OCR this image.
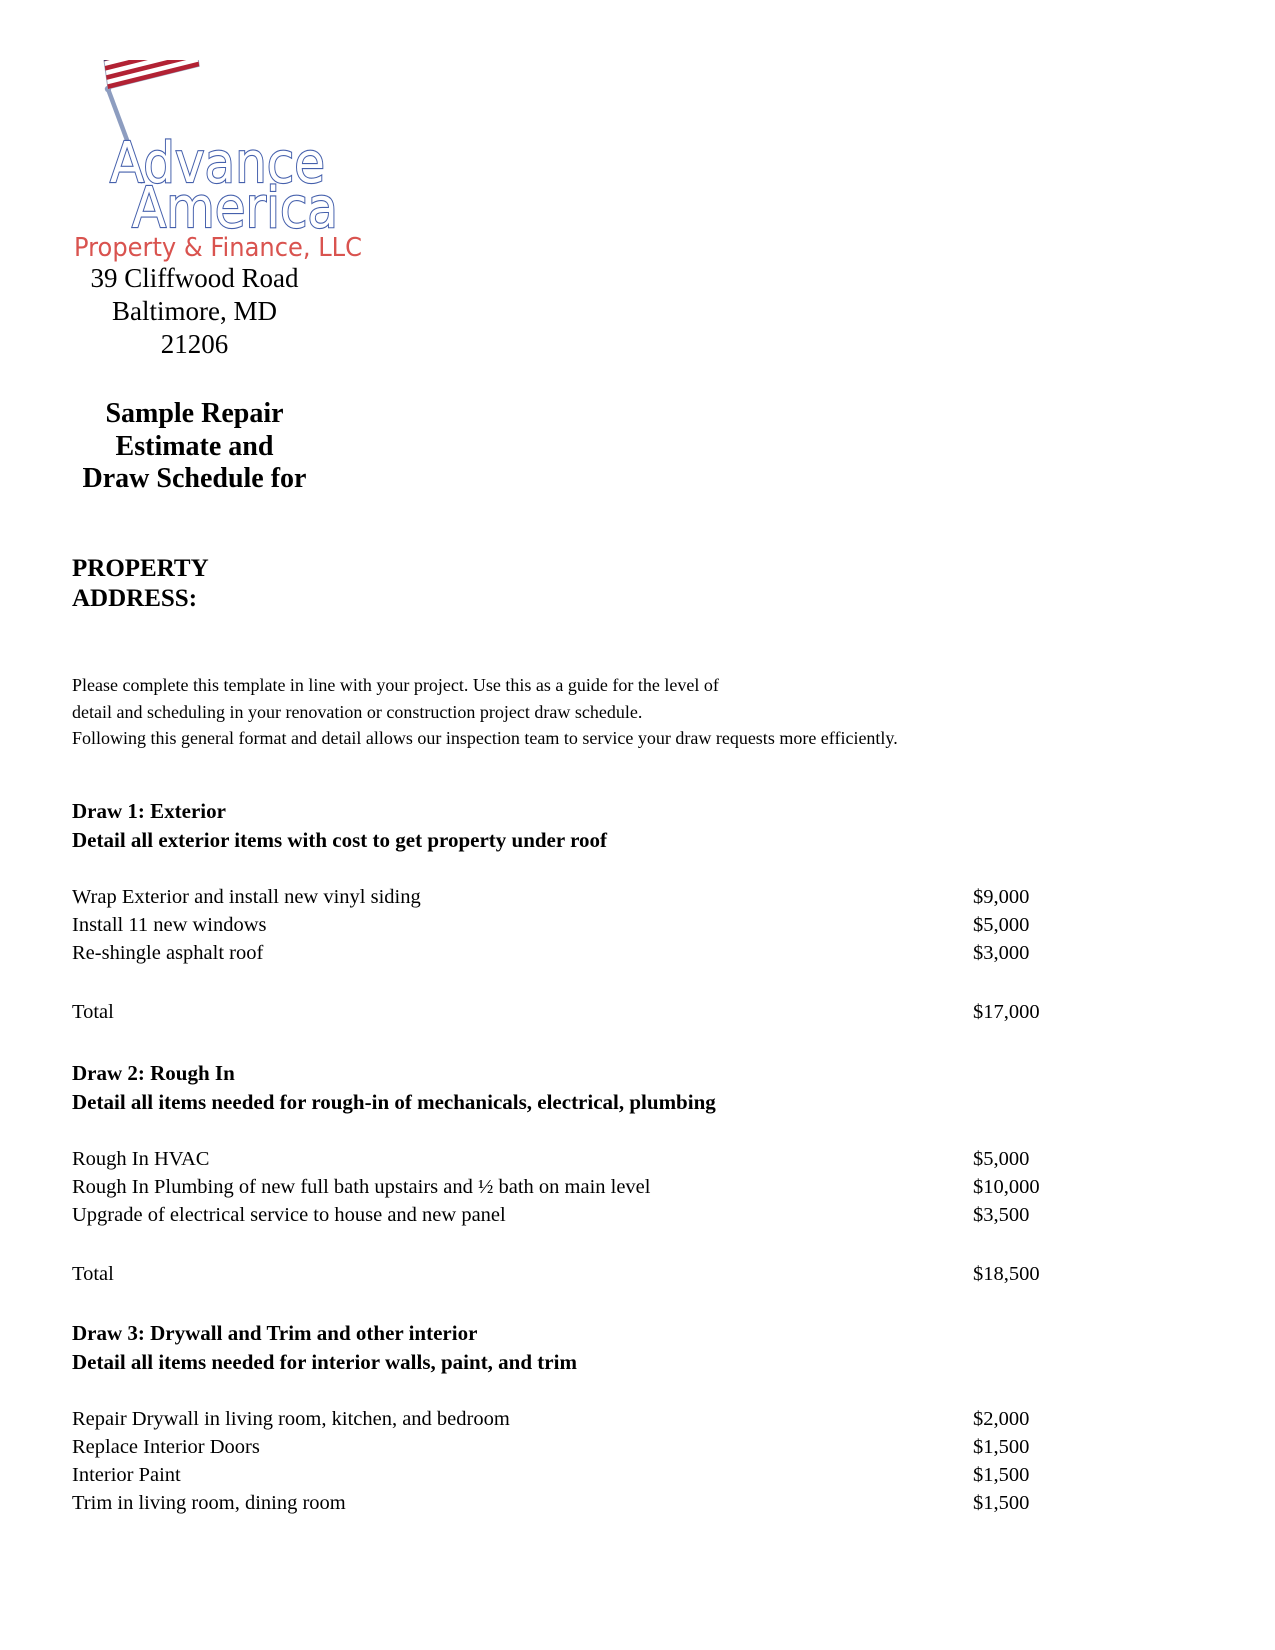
Advance
America
Property & Finance, LLC
39 Cliffwood Road
Baltimore, MD
21206
Sample Repair
Estimate and
Draw Schedule for
PROPERTY
ADDRESS:
Please complete this template in line with your project. Use this as a guide for the level of
detail and scheduling in your renovation or construction project draw schedule.
Following this general format and detail allows our inspection team to service your draw requests more efficiently.
Draw 1: Exterior
Detail all exterior items with cost to get property under roof
Wrap Exterior and install new vinyl siding	$9,000
Install 11 new windows	$5,000
Re-shingle asphalt roof	$3,000
Total	$17,000
Draw 2: Rough In
Detail all items needed for rough-in of mechanicals, electrical, plumbing
Rough In HVAC	$5,000
Rough In Plumbing of new full bath upstairs and ½ bath on main level	$10,000
Upgrade of electrical service to house and new panel	$3,500
Total	$18,500
Draw 3: Drywall and Trim and other interior
Detail all items needed for interior walls, paint, and trim
Repair Drywall in living room, kitchen, and bedroom	$2,000
Replace Interior Doors	$1,500
Interior Paint	$1,500
Trim in living room, dining room	$1,500
